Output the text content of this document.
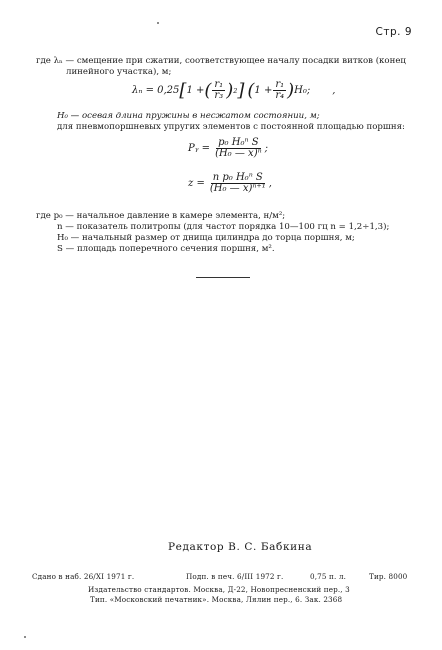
Стр. 9
где λₙ — смещение при сжатии, соответствующее началу посадки витков (конец
линейного участка), м;
λₙ = 0,25 [ 1 + ( $\frac{\text{r₁}}{\text{r₃}}$ ) 2 ] ( $1 + \frac{\text{r₁}}{\text{r₄}}$ ) H₀; ,
H₀ — осевая длина пружины в несжатом состоянии, м;
для пневмопоршневых упругих элементов с постоянной площадью поршня:
Pᵧ = $\frac{\text{p₀ H₀ⁿ S}}{\text{(H₀ — x)ⁿ}}$ ;
$z = \frac{\text{n p₀ H₀ⁿ S}}{\text{(H₀ — x)ⁿ⁺¹}}$ ,
где p₀ — начальное давление в камере элемента, н/м²;
n — показатель политропы (для частот порядка 10—100 гц n = 1,2÷1,3);
H₀ — начальный размер от днища цилиндра до торца поршня, м;
S — площадь поперечного сечения поршня, м².
Редактор В. С. Бабкина
Сдано в наб. 26/XI 1971 г.	Подп. в печ. 6/III 1972 г.	0,75 п. л.	Тир. 8000
Издательство стандартов. Москва, Д-22, Новопресненский пер., 3
Тип. «Московский печатник». Москва, Лялин пер., 6. Зак. 2368
